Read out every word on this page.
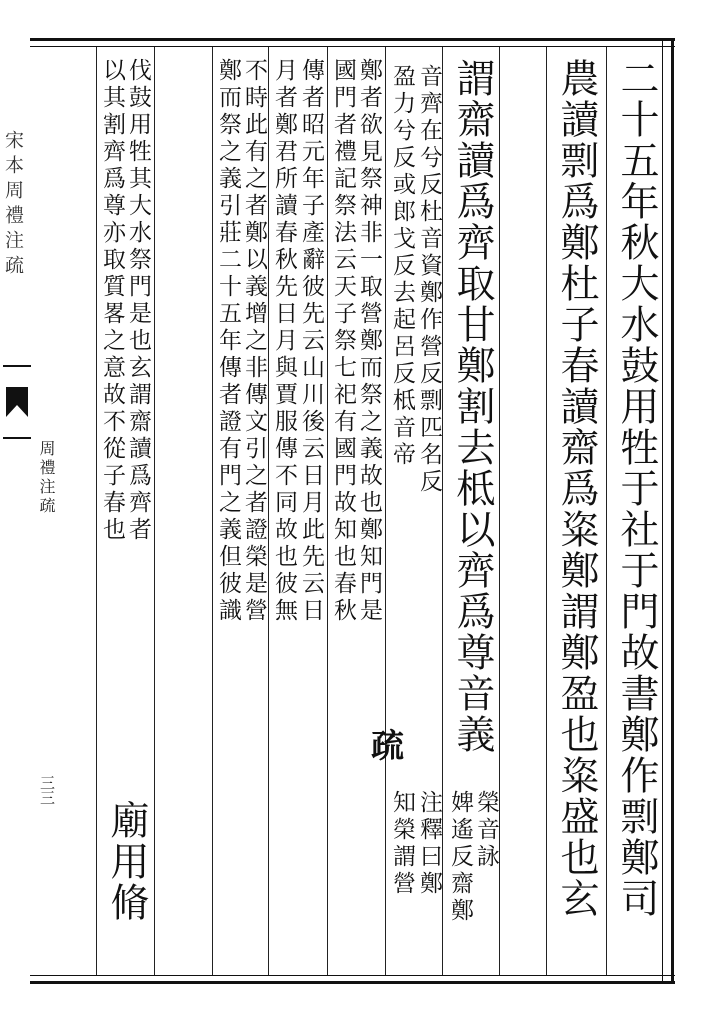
二十五年秋大水鼓用牲于社于門故書鄭作剽鄭司
農讀剽爲鄭杜子春讀齋爲粢鄭謂鄭盈也粢盛也玄
謂齋讀爲齊取甘鄭割去柢以齊爲尊音義
榮音詠
婢遙反齋鄭
音齊在兮反杜音資鄭作營反剽匹名反
盈力兮反或郎戈反去起呂反柢音帝
疏
注釋曰鄭
知榮謂營
鄭者欲見祭神非一取營鄭而祭之義故也鄭知門是
國門者禮記祭法云天子祭七祀有國門故知也春秋
傳者昭元年子產辭彼先云山川後云日月此先云日
月者鄭君所讀春秋先日月與賈服傳不同故也彼無
不時此有之者鄭以義增之非傳文引之者證榮是營
鄭而祭之義引莊二十五年傳者證有門之義但彼識
伐鼓用牲其大水祭門是也玄謂齋讀爲齊者
以其割齊爲尊亦取質畧之意故不從子春也
廟用脩
宋本周禮注疏
周禮注疏
三三
